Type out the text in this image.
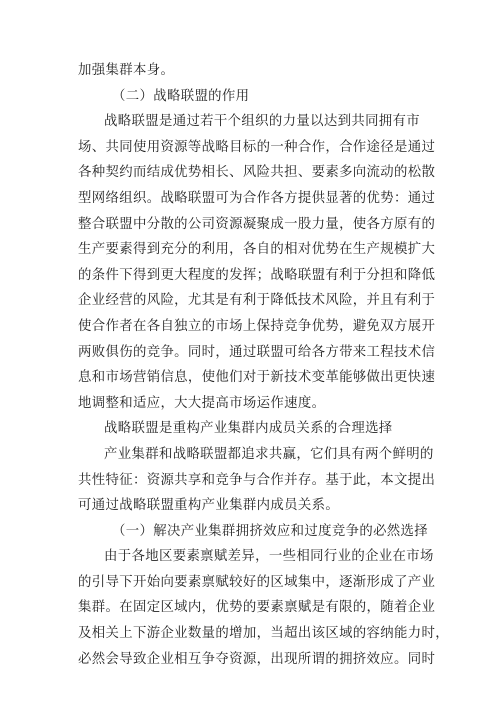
加强集群本身。
（二）战略联盟的作用
战略联盟是通过若干个组织的力量以达到共同拥有市
场、共同使用资源等战略目标的一种合作，合作途径是通过
各种契约而结成优势相长、风险共担、要素多向流动的松散
型网络组织。战略联盟可为合作各方提供显著的优势：通过
整合联盟中分散的公司资源凝聚成一股力量，使各方原有的
生产要素得到充分的利用，各自的相对优势在生产规模扩大
的条件下得到更大程度的发挥；战略联盟有利于分担和降低
企业经营的风险，尤其是有利于降低技术风险，并且有利于
使合作者在各自独立的市场上保持竞争优势，避免双方展开
两败俱伤的竞争。同时，通过联盟可给各方带来工程技术信
息和市场营销信息，使他们对于新技术变革能够做出更快速
地调整和适应，大大提高市场运作速度。
战略联盟是重构产业集群内成员关系的合理选择
产业集群和战略联盟都追求共赢，它们具有两个鲜明的
共性特征：资源共享和竞争与合作并存。基于此，本文提出
可通过战略联盟重构产业集群内成员关系。
（一）解决产业集群拥挤效应和过度竞争的必然选择
由于各地区要素禀赋差异，一些相同行业的企业在市场
的引导下开始向要素禀赋较好的区域集中，逐渐形成了产业
集群。在固定区域内，优势的要素禀赋是有限的，随着企业
及相关上下游企业数量的增加，当超出该区域的容纳能力时，
必然会导致企业相互争夺资源，出现所谓的拥挤效应。同时
